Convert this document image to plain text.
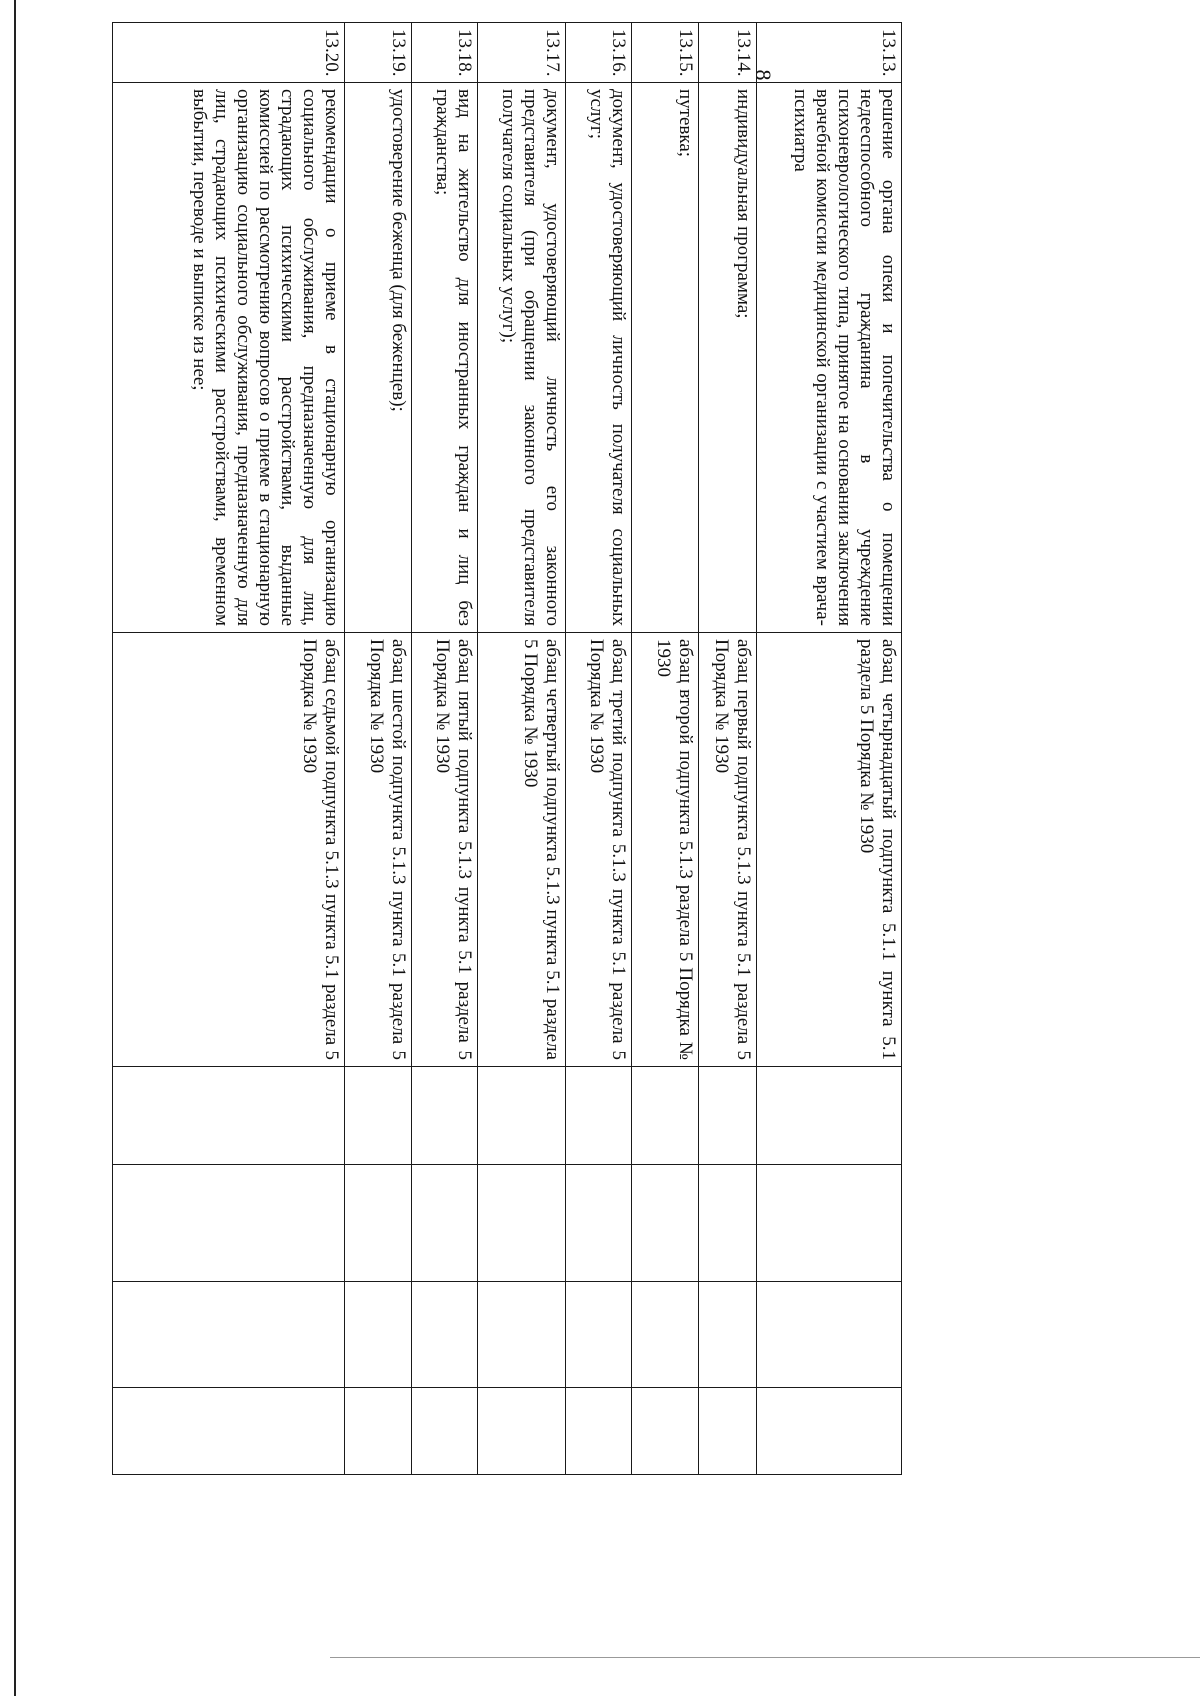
8	13.13.	решение органа опеки и попечительства о помещении недееспособного гражданина в учреждение психоневрологического типа, принятое на основании заключения врачебной комиссии медицинской организации с участием врача-психиатра	абзац четырнадцатый подпункта 5.1.1 пункта 5.1 раздела 5 Порядка № 1930				
13.14.	индивидуальная программа;	абзац первый подпункта 5.1.3 пункта 5.1 раздела 5 Порядка № 1930				
13.15.	путевка;	абзац второй подпункта 5.1.3 раздела 5 Порядка № 1930				
13.16.	документ, удостоверяющий личность получателя социальных услуг;	абзац третий подпункта 5.1.3 пункта 5.1 раздела 5 Порядка № 1930				
13.17.	документ, удостоверяющий личность его законного представителя (при обращении законного представителя получателя социальных услуг);	абзац четвертый подпункта 5.1.3 пункта 5.1 раздела 5 Порядка № 1930				
13.18.	вид на жительство для иностранных граждан и лиц без гражданства;	абзац пятый подпункта 5.1.3 пункта 5.1 раздела 5 Порядка № 1930				
13.19.	удостоверение беженца (для беженцев);	абзац шестой подпункта 5.1.3 пункта 5.1 раздела 5 Порядка № 1930				
13.20.	рекомендации о приеме в стационарную организацию социального обслуживания, предназначенную для лиц, страдающих психическими расстройствами, выданные комиссией по рассмотрению вопросов о приеме в стационарную организацию социального обслуживания, предназначенную для лиц, страдающих психическими расстройствами, временном выбытии, переводе и выписке из нее;	абзац седьмой подпункта 5.1.3 пункта 5.1 раздела 5 Порядка № 1930				
